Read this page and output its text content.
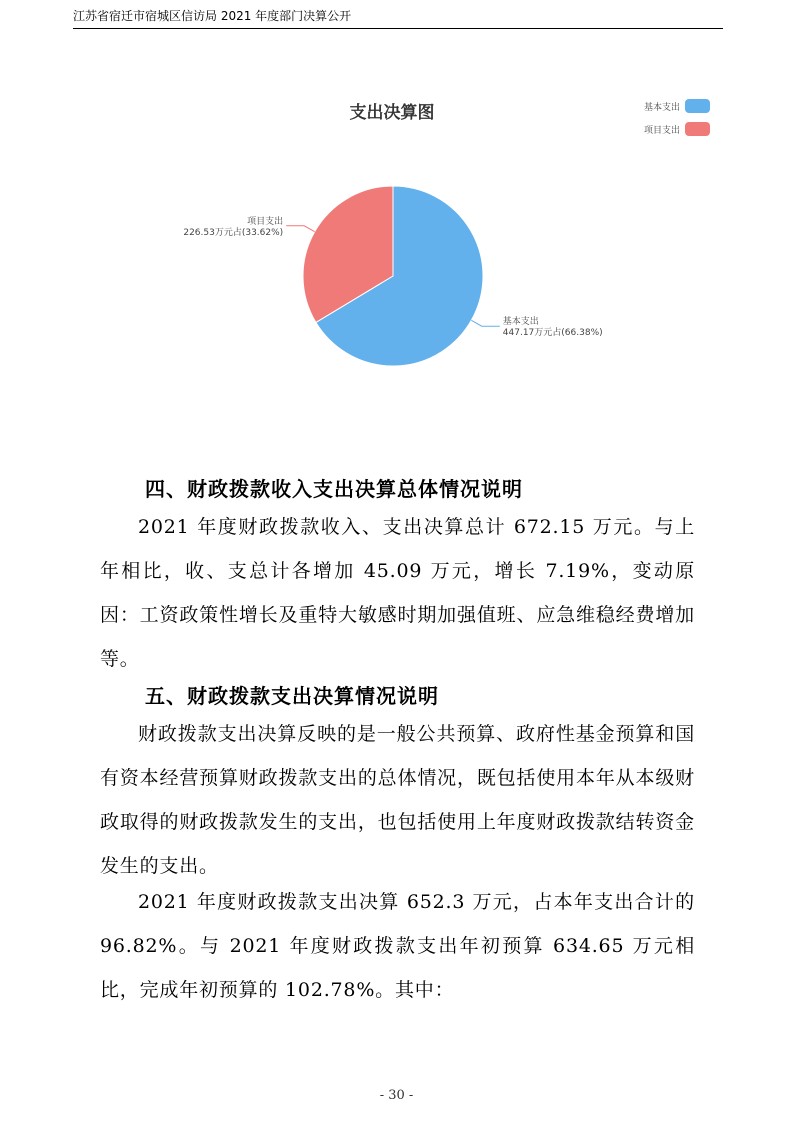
江苏省宿迁市宿城区信访局 2021 年度部门决算公开
支出决算图	基本支出
项目支出
基本支出
447.17万元占(66.38%)
项目支出
226.53万元占(33.62%)
四、财政拨款收入支出决算总体情况说明

2021 年度财政拨款收入、支出决算总计 672.15 万元。与上年相比，收、支总计各增加 45.09 万元，增长 7.19%，变动原因：工资政策性增长及重特大敏感时期加强值班、应急维稳经费增加等。

五、财政拨款支出决算情况说明

财政拨款支出决算反映的是一般公共预算、政府性基金预算和国有资本经营预算财政拨款支出的总体情况，既包括使用本年从本级财政取得的财政拨款发生的支出，也包括使用上年度财政拨款结转资金发生的支出。

2021 年度财政拨款支出决算 652.3 万元，占本年支出合计的 96.82%。与 2021 年度财政拨款支出年初预算 634.65 万元相比，完成年初预算的 102.78%。其中：

- 30 -
